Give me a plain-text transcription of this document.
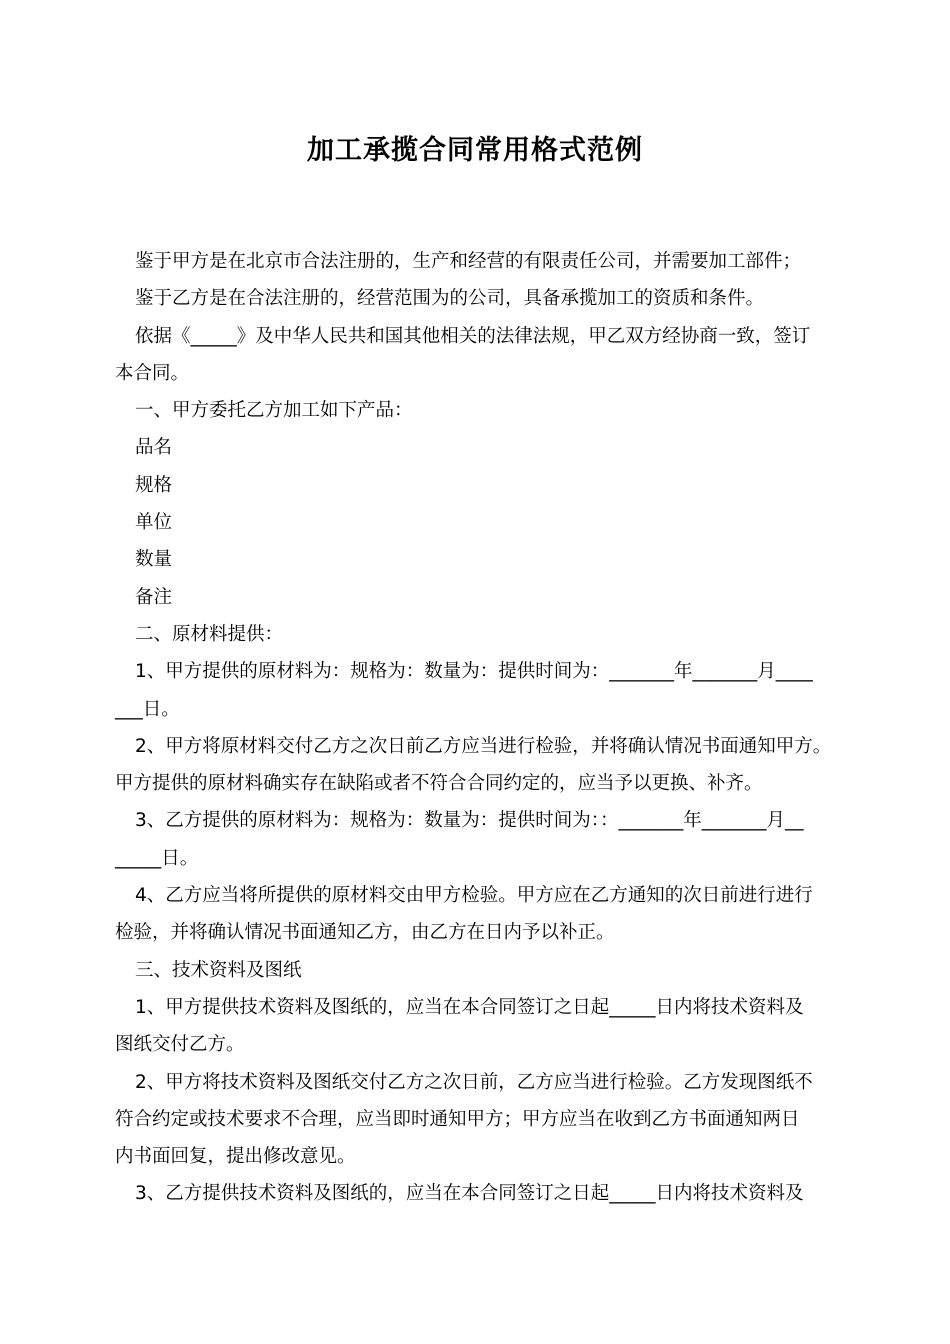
加工承揽合同常用格式范例
鉴于甲方是在北京市合法注册的，生产和经营的有限责任公司，并需要加工部件；
鉴于乙方是在合法注册的，经营范围为的公司，具备承揽加工的资质和条件。
依据《_____》及中华人民共和国其他相关的法律法规，甲乙双方经协商一致，签订
本合同。
一、甲方委托乙方加工如下产品：
品名
规格
单位
数量
备注
二、原材料提供：
1、甲方提供的原材料为：规格为：数量为：提供时间为：_______年_______月____
___日。
2、甲方将原材料交付乙方之次日前乙方应当进行检验，并将确认情况书面通知甲方。
甲方提供的原材料确实存在缺陷或者不符合合同约定的，应当予以更换、补齐。
3、乙方提供的原材料为：规格为：数量为：提供时间为：：_______年_______月__
_____日。
4、乙方应当将所提供的原材料交由甲方检验。甲方应在乙方通知的次日前进行进行
检验，并将确认情况书面通知乙方，由乙方在日内予以补正。
三、技术资料及图纸
1、甲方提供技术资料及图纸的，应当在本合同签订之日起_____日内将技术资料及
图纸交付乙方。
2、甲方将技术资料及图纸交付乙方之次日前，乙方应当进行检验。乙方发现图纸不
符合约定或技术要求不合理，应当即时通知甲方；甲方应当在收到乙方书面通知两日
内书面回复，提出修改意见。
3、乙方提供技术资料及图纸的，应当在本合同签订之日起_____日内将技术资料及
